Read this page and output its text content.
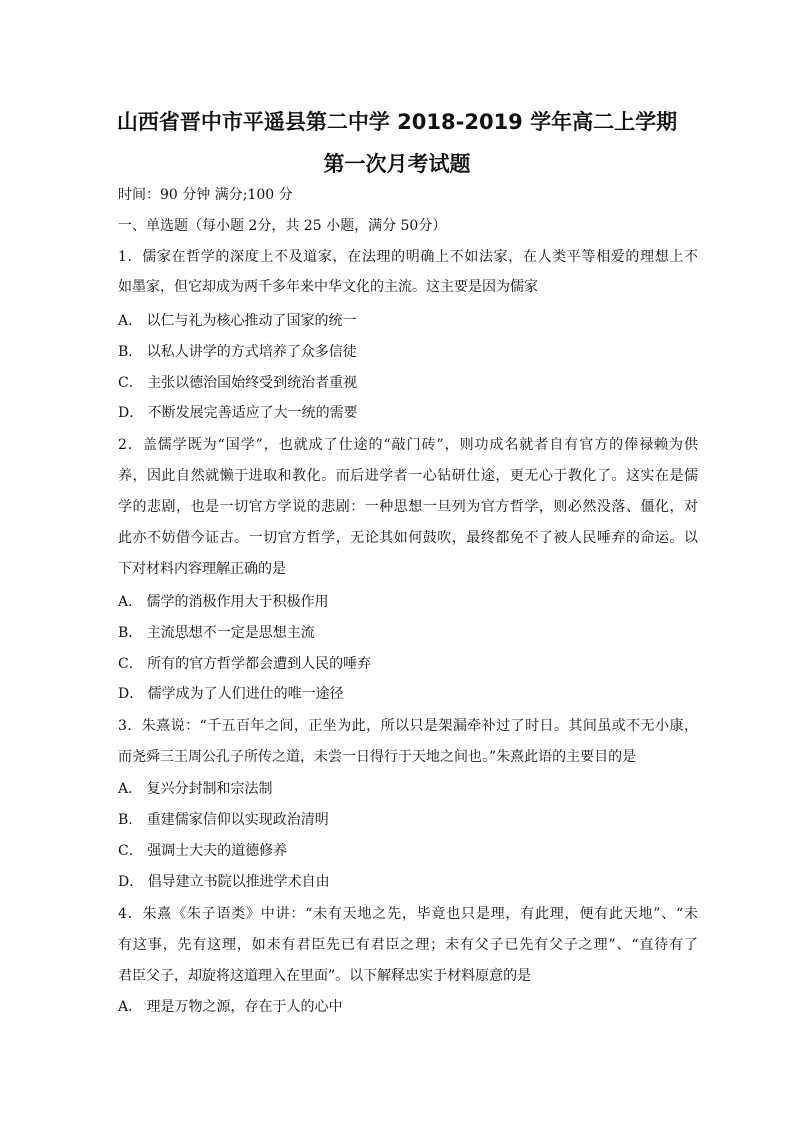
山西省晋中市平遥县第二中学 2018-2019 学年高二上学期
第一次月考试题
时间：90 分钟 满分;100 分
一、单选题（每小题 2分，共 25 小题，满分 50分）
1．儒家在哲学的深度上不及道家，在法理的明确上不如法家，在人类平等相爱的理想上不
如墨家，但它却成为两千多年来中华文化的主流。这主要是因为儒家
A． 以仁与礼为核心推动了国家的统一
B． 以私人讲学的方式培养了众多信徒
C． 主张以德治国始终受到统治者重视
D． 不断发展完善适应了大一统的需要
2．盖儒学既为“国学”，也就成了仕途的“敲门砖”，则功成名就者自有官方的俸禄赖为供
养，因此自然就懒于进取和教化。而后进学者一心钻研仕途，更无心于教化了。这实在是儒
学的悲剧，也是一切官方学说的悲剧：一种思想一旦列为官方哲学，则必然没落、僵化，对
此亦不妨借今证古。一切官方哲学，无论其如何鼓吹，最终都免不了被人民唾弃的命运。以
下对材料内容理解正确的是
A． 儒学的消极作用大于积极作用
B． 主流思想不一定是思想主流
C． 所有的官方哲学都会遭到人民的唾弃
D． 儒学成为了人们进仕的唯一途径
3．朱熹说：“千五百年之间，正坐为此，所以只是架漏牵补过了时日。其间虽或不无小康，
而尧舜三王周公孔子所传之道，未尝一日得行于天地之间也。”朱熹此语的主要目的是
A． 复兴分封制和宗法制
B． 重建儒家信仰以实现政治清明
C． 强调士大夫的道德修养
D． 倡导建立书院以推进学术自由
4．朱熹《朱子语类》中讲：“未有天地之先，毕竟也只是理，有此理，便有此天地”、“未
有这事，先有这理，如未有君臣先已有君臣之理；未有父子已先有父子之理”、“直待有了
君臣父子，却旋将这道理入在里面”。以下解释忠实于材料原意的是
A． 理是万物之源，存在于人的心中
